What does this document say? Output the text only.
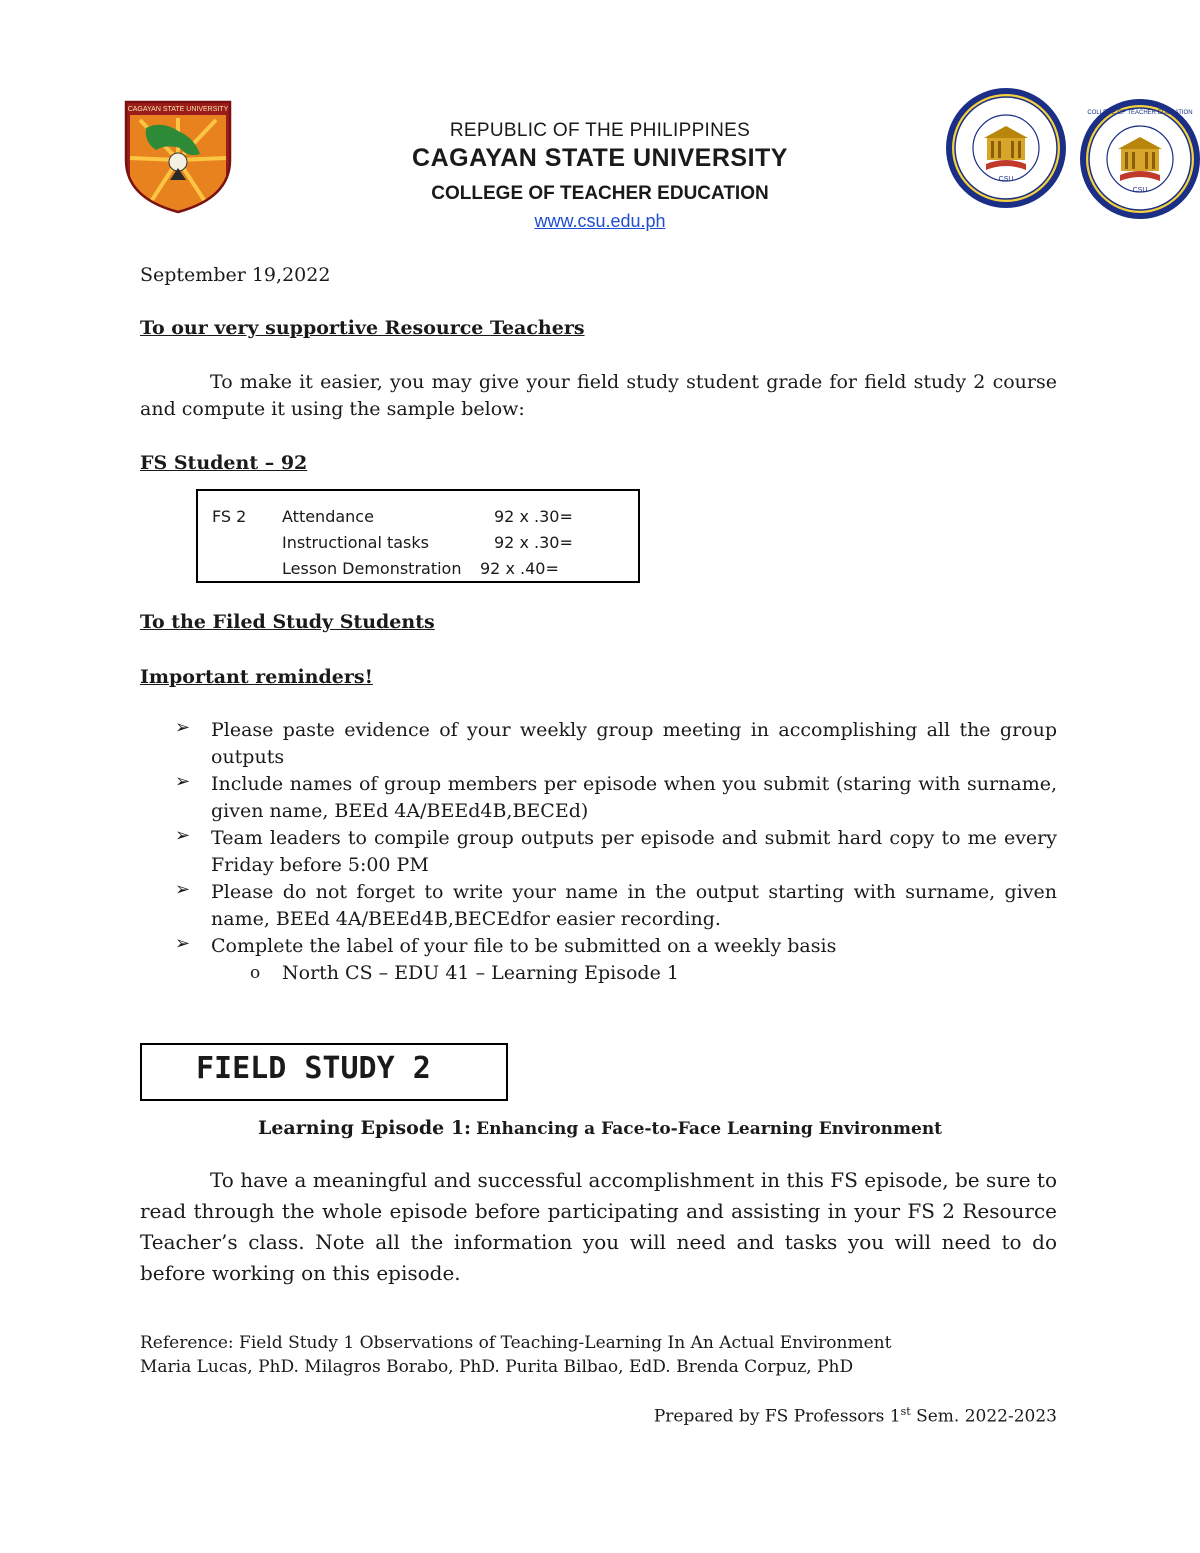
CAGAYAN STATE UNIVERSITY
CSU
CSU
COLLEGE OF TEACHER EDUCATION
REPUBLIC OF THE PHILIPPINES
CAGAYAN STATE UNIVERSITY
COLLEGE OF TEACHER EDUCATION
www.csu.edu.ph
September 19,2022
To our very supportive Resource Teachers
To make it easier, you may give your field study student grade for field study 2 course and compute it using the sample below:
FS Student – 92
FS 2 Attendance	92 x .30=
Instructional tasks	92 x .30=
Lesson Demonstration 92 x .40=
To the Filed Study Students
Important reminders!
➢ Please paste evidence of your weekly group meeting in accomplishing all the group outputs
➢ Include names of group members per episode when you submit (staring with surname, given name, BEEd 4A/BEEd4B,BECEd)
➢ Team leaders to compile group outputs per episode and submit hard copy to me every Friday before 5:00 PM
➢ Please do not forget to write your name in the output starting with surname, given name, BEEd 4A/BEEd4B,BECEdfor easier recording.
➢ Complete the label of your file to be submitted on a weekly basis
o North CS – EDU 41 – Learning Episode 1
FIELD STUDY 2
Learning Episode 1: Enhancing a Face-to-Face Learning Environment
To have a meaningful and successful accomplishment in this FS episode, be sure to read through the whole episode before participating and assisting in your FS 2 Resource Teacher’s class. Note all the information you will need and tasks you will need to do before working on this episode.
Reference: Field Study 1 Observations of Teaching-Learning In An Actual Environment
Maria Lucas, PhD. Milagros Borabo, PhD. Purita Bilbao, EdD. Brenda Corpuz, PhD
Prepared by FS Professors 1st Sem. 2022-2023
